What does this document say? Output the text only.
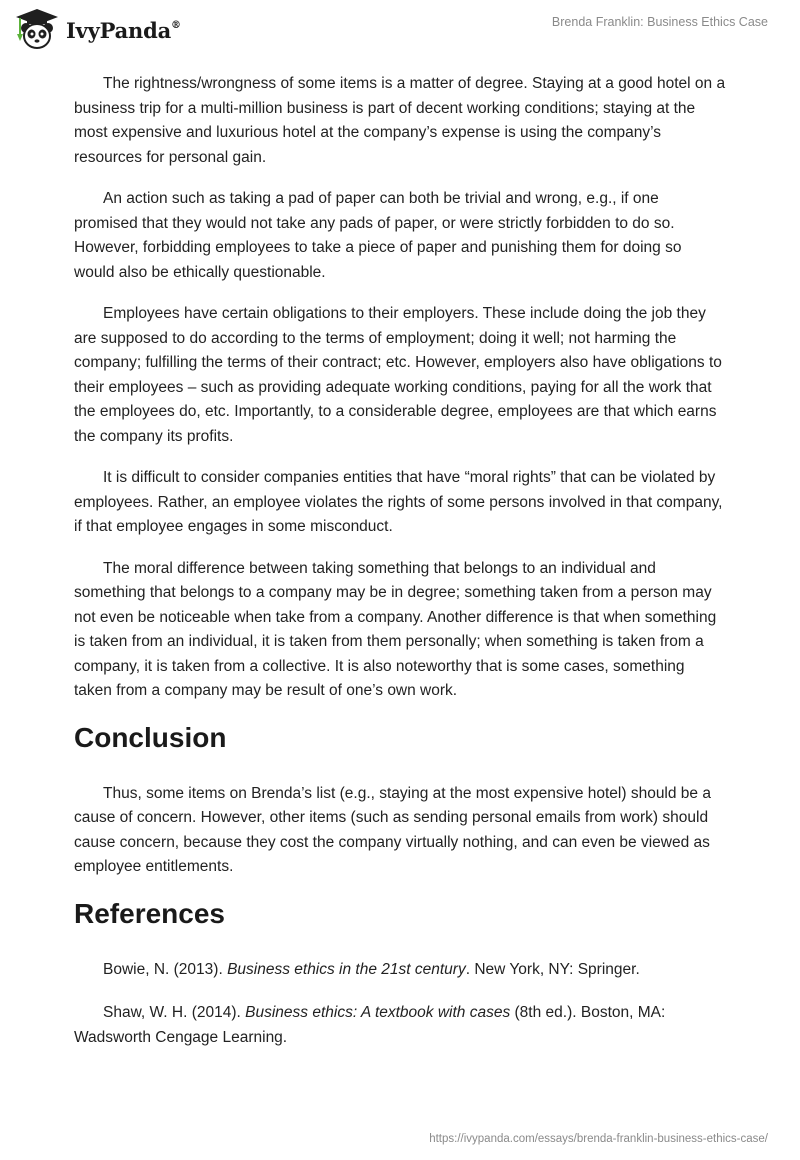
IvyPanda®	Brenda Franklin: Business Ethics Case

The rightness/wrongness of some items is a matter of degree. Staying at a good hotel on a business trip for a multi-million business is part of decent working conditions; staying at the most expensive and luxurious hotel at the company’s expense is using the company’s resources for personal gain.

An action such as taking a pad of paper can both be trivial and wrong, e.g., if one promised that they would not take any pads of paper, or were strictly forbidden to do so. However, forbidding employees to take a piece of paper and punishing them for doing so would also be ethically questionable.

Employees have certain obligations to their employers. These include doing the job they are supposed to do according to the terms of employment; doing it well; not harming the company; fulfilling the terms of their contract; etc. However, employers also have obligations to their employees – such as providing adequate working conditions, paying for all the work that the employees do, etc. Importantly, to a considerable degree, employees are that which earns the company its profits.

It is difficult to consider companies entities that have “moral rights” that can be violated by employees. Rather, an employee violates the rights of some persons involved in that company, if that employee engages in some misconduct.

The moral difference between taking something that belongs to an individual and something that belongs to a company may be in degree; something taken from a person may not even be noticeable when take from a company. Another difference is that when something is taken from an individual, it is taken from them personally; when something is taken from a company, it is taken from a collective. It is also noteworthy that is some cases, something taken from a company may be result of one’s own work.

Conclusion

Thus, some items on Brenda’s list (e.g., staying at the most expensive hotel) should be a cause of concern. However, other items (such as sending personal emails from work) should cause concern, because they cost the company virtually nothing, and can even be viewed as employee entitlements.

References

Bowie, N. (2013). Business ethics in the 21st century. New York, NY: Springer.

Shaw, W. H. (2014). Business ethics: A textbook with cases (8th ed.). Boston, MA: Wadsworth Cengage Learning.

https://ivypanda.com/essays/brenda-franklin-business-ethics-case/
